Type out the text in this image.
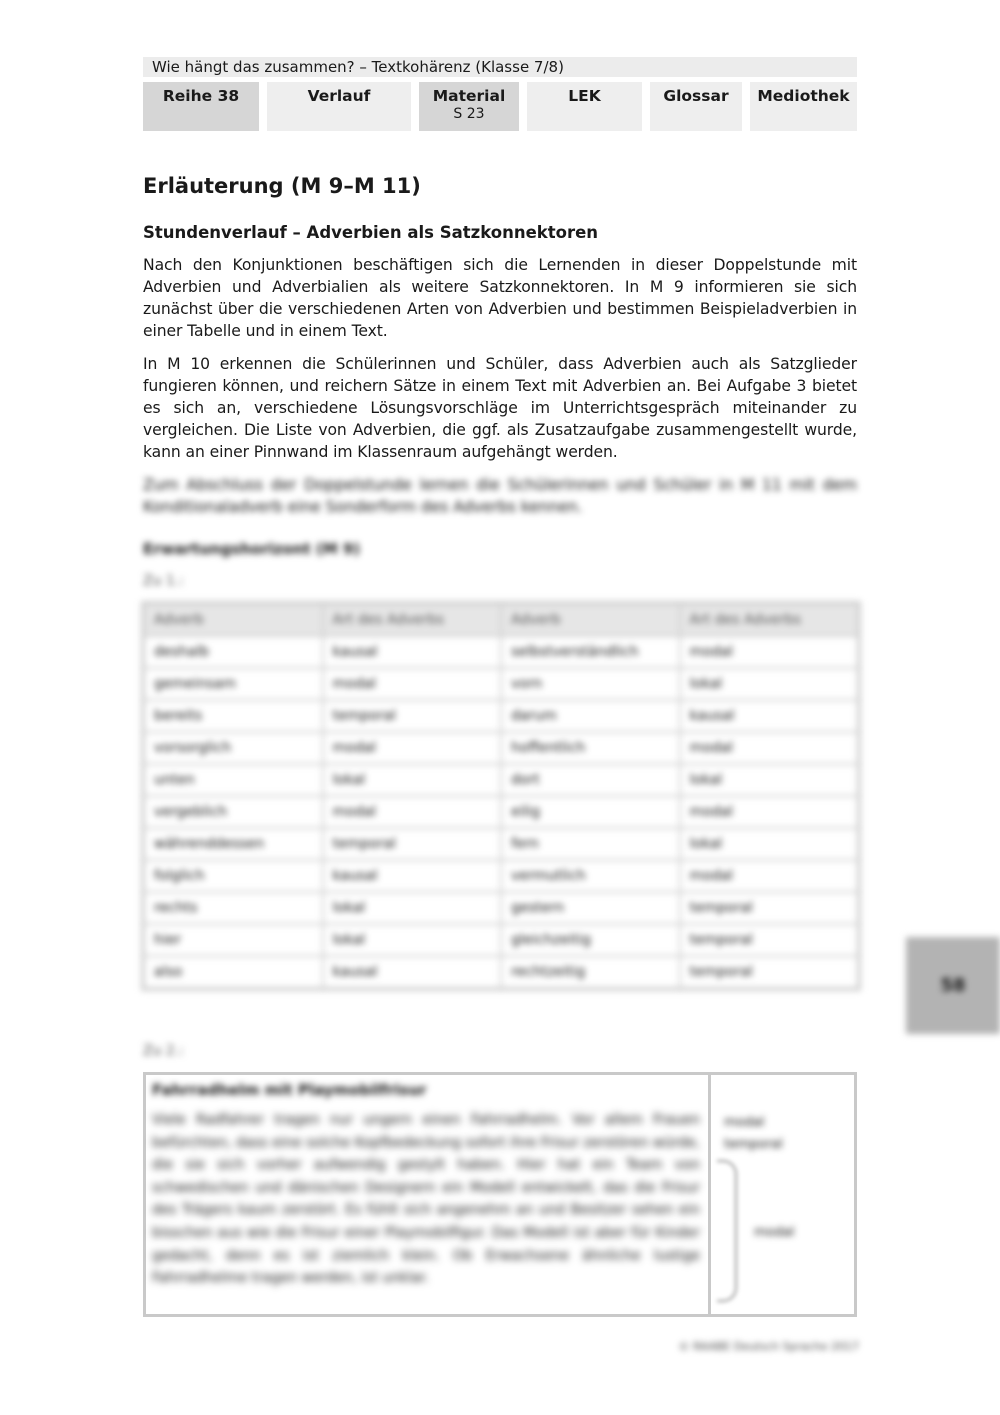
Wie hängt das zusammen? – Textkohärenz (Klasse 7/8)
Reihe 38	Verlauf	Material
S 23
LEK	Glossar	Mediothek
Erläuterung (M 9–M 11)
Stundenverlauf – Adverbien als Satzkonnektoren

Nach den Konjunktionen beschäftigen sich die Lernenden in dieser Doppelstunde mit Adverbien und Adverbialien als weitere Satzkonnektoren. In M 9 informieren sie sich zunächst über die verschiedenen Arten von Adverbien und bestimmen Beispieladverbien in einer Tabelle und in einem Text.

In M 10 erkennen die Schülerinnen und Schüler, dass Adverbien auch als Satzglieder fungieren können, und reichern Sätze in einem Text mit Adverbien an. Bei Aufgabe 3 bietet es sich an, verschiedene Lösungsvorschläge im Unterrichtsgespräch miteinander zu vergleichen. Die Liste von Adverbien, die ggf. als Zusatzaufgabe zusammengestellt wurde, kann an einer Pinnwand im Klassenraum aufgehängt werden.

Zum Abschluss der Doppelstunde lernen die Schülerinnen und Schüler in M 11 mit dem Konditionaladverb eine Sonderform des Adverbs kennen.

Erwartungshorizont (M 9)

Zu 1.:
Adverb	Art des Adverbs	Adverb	Art des Adverbs
deshalb	kausal	selbstverständlich	modal
gemeinsam	modal	vorn	lokal
bereits	temporal	darum	kausal
vorsorglich	modal	hoffentlich	modal
unten	lokal	dort	lokal
vergeblich	modal	eilig	modal
währenddessen	temporal	fern	lokal
folglich	kausal	vermutlich	modal
rechts	lokal	gestern	temporal
hier	lokal	gleichzeitig	temporal
also	kausal	rechtzeitig	temporal
Zu 2.:
Fahrradhelm mit Playmobilfrisur
Viele Radfahrer tragen nur ungern einen Fahrradhelm. Vor allem Frauen befürchten, dass eine solche Kopfbedeckung sofort ihre Frisur zerstören würde, die sie sich vorher aufwendig gestylt haben. Hier hat ein Team von schwedischen und dänischen Designern ein Modell entwickelt, das die Frisur des Trägers kaum zerstört. Es fühlt sich angenehm an und Besitzer sehen ein bisschen aus wie die Frisur einer Playmobilfigur. Das Modell ist aber für Kinder gedacht, denn es ist ziemlich klein. Ob Erwachsene ähnliche lustige Fahrradhelme tragen werden, ist unklar.
modal
temporal
modal
58
© RAABE Deutsch Sprache 2017
